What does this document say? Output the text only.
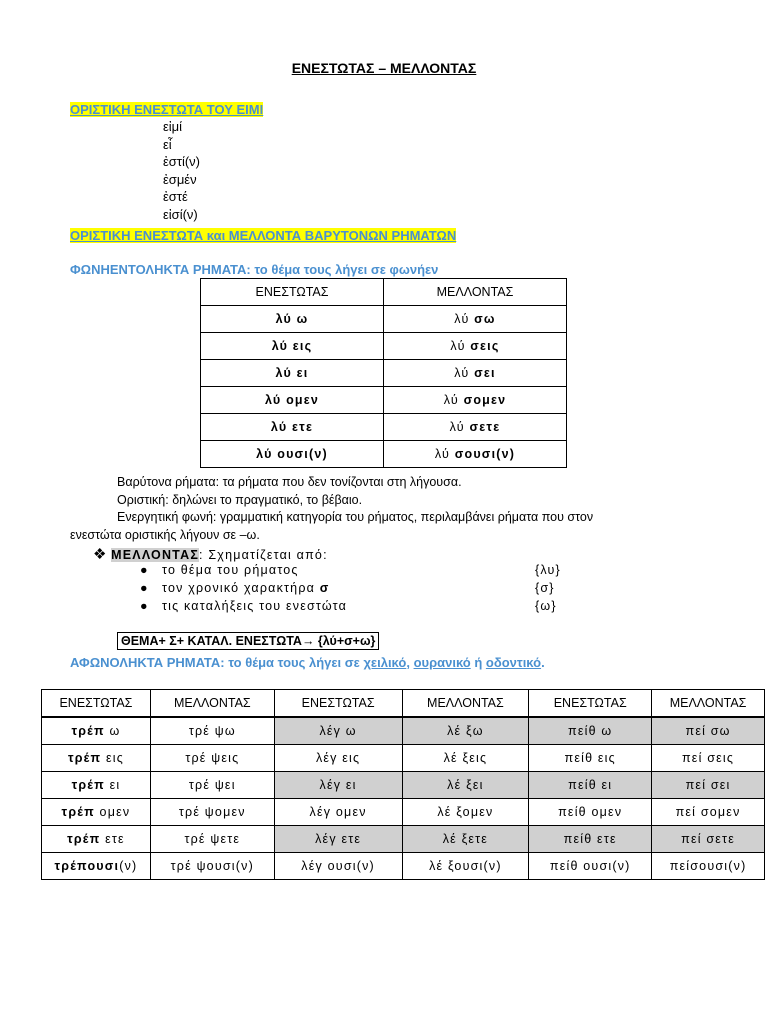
ΕΝΕΣΤΩΤΑΣ – ΜΕΛΛΟΝΤΑΣ
ΟΡΙΣΤΙΚΗ ΕΝΕΣΤΩΤΑ ΤΟΥ ΕΙΜΙ
εἰμί
εἶ
ἐστί(ν)
ἐσμέν
ἐστέ
εἰσί(ν)
ΟΡΙΣΤΙΚΗ ΕΝΕΣΤΩΤΑ και ΜΕΛΛΟΝΤΑ ΒΑΡΥΤΟΝΩΝ ΡΗΜΑΤΩΝ
ΦΩΝΗΕΝΤΟΛΗΚΤΑ ΡΗΜΑΤΑ: το θέμα τους λήγει σε φωνήεν
ΕΝΕΣΤΩΤΑΣ	ΜΕΛΛΟΝΤΑΣ
λύ ω	λύ σω
λύ εις	λύ σεις
λύ ει	λύ σει
λύ ομεν	λύ σομεν
λύ ετε	λύ σετε
λύ ουσι(ν)	λύ σουσι(ν)
Βαρύτονα ρήματα: τα ρήματα που δεν τονίζονται στη λήγουσα.
Οριστική: δηλώνει το πραγματικό, το βέβαιο.
Ενεργητική φωνή: γραμματική κατηγορία του ρήματος, περιλαμβάνει ρήματα που στον
ενεστώτα οριστικής λήγουν σε –ω.
❖ ΜΕΛΛΟΝΤΑΣ: Σχηματίζεται από:
● το θέμα του ρήματος	{λυ}
● τον χρονικό χαρακτήρα σ	{σ}
● τις καταλήξεις του ενεστώτα	{ω}
ΘΕΜΑ+ Σ+ ΚΑΤΑΛ. ΕΝΕΣΤΩΤΑ→ {λύ+σ+ω}
ΑΦΩΝΟΛΗΚΤΑ ΡΗΜΑΤΑ: το θέμα τους λήγει σε χειλικό, ουρανικό ή οδοντικό.
ΕΝΕΣΤΩΤΑΣ	ΜΕΛΛΟΝΤΑΣ	ΕΝΕΣΤΩΤΑΣ	ΜΕΛΛΟΝΤΑΣ	ΕΝΕΣΤΩΤΑΣ	ΜΕΛΛΟΝΤΑΣ
τρέπ ω	τρέ ψω	λέγ ω	λέ ξω	πείθ ω	πεί σω
τρέπ εις	τρέ ψεις	λέγ εις	λέ ξεις	πείθ εις	πεί σεις
τρέπ ει	τρέ ψει	λέγ ει	λέ ξει	πείθ ει	πεί σει
τρέπ ομεν	τρέ ψομεν	λέγ ομεν	λέ ξομεν	πείθ ομεν	πεί σομεν
τρέπ ετε	τρέ ψετε	λέγ ετε	λέ ξετε	πείθ ετε	πεί σετε
τρέπουσι(ν)	τρέ ψουσι(ν)	λέγ ουσι(ν)	λέ ξουσι(ν)	πείθ ουσι(ν)	πείσουσι(ν)
